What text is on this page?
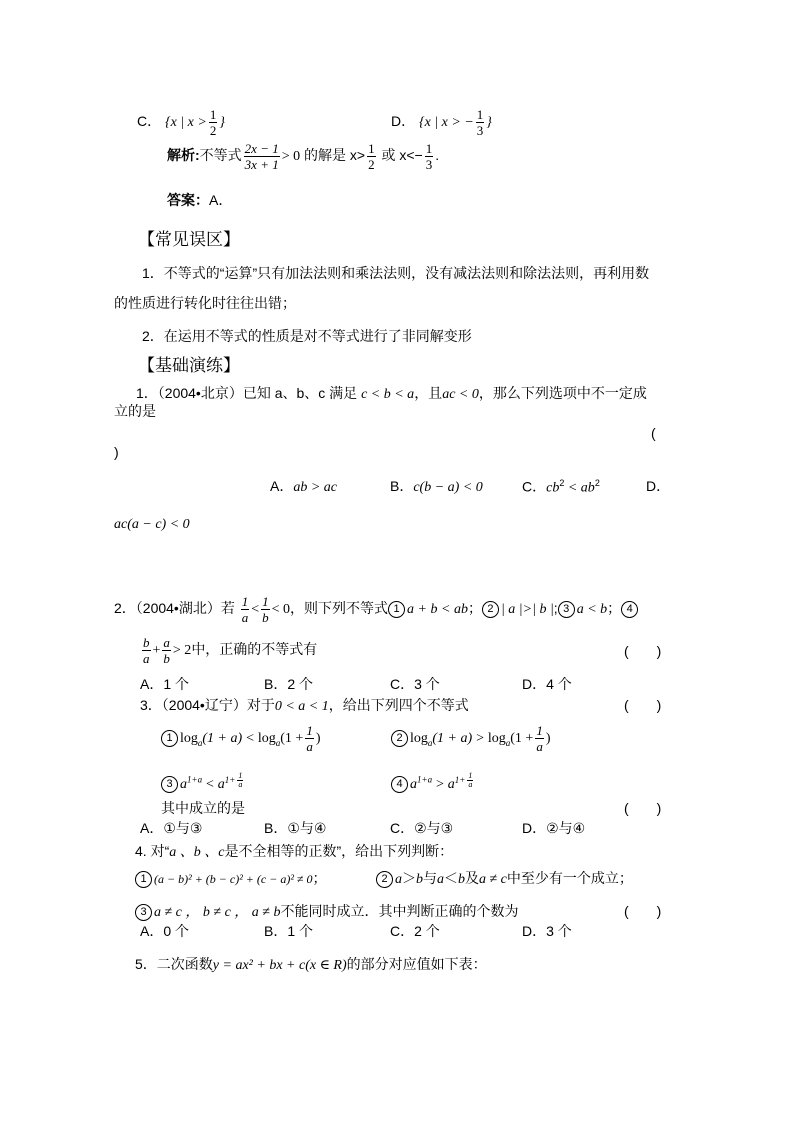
C． {x | $x > \frac{1}{2}$ }	D． {x | x > − $\frac{1}{3}$ }
解析:不等式 $\frac{2x - 1}{3x + 1} > 0$ 的解是 $x> \frac{1}{2}$ 或 $x<- \frac{1}{3}$ .
答案：A．
【常见误区】
1．不等式的“运算”只有加法法则和乘法法则，没有减法法则和除法法则，再利用数
的性质进行转化时往往出错；
2．在运用不等式的性质是对不等式进行了非同解变形
【基础演练】
1．（2004•北京）已知 a、b、c 满足 c < b < a，且ac < 0，那么下列选项中不一定成
立的是
(
)
A．ab > ac	B．c(b − a) < 0	C．$cb^2 < ab^2$	D．
ac(a − c) < 0
2．（2004•湖北）若 $\frac{1}{a} < \frac{1}{b} < 0$，则下列不等式 1 a + b < ab； 2 | a |>| b |; 3 a < b； 4
$\frac{b}{a} + \frac{a}{b} > 2$中，正确的不等式有	(　　)
A．1 个	B．2 个	C．3 个	D．4 个
3．（2004•辽宁）对于0 < a < 1，给出下列四个不等式	(　　)
1 $\log_a(1 + a) < \log_a(1 + \frac{1}{a}$ )	2 $\log_a(1 + a) > \log_a(1 + \frac{1}{a}$ )
3 $a^{1+a} < a^{1+ \frac{1}{a}}$	4 $a^{1+a} > a^{1+ \frac{1}{a}}$
其中成立的是	(　　)
A．①与③	B．①与④	C．②与③	D．②与④
4. 对“a 、b 、c是不全相等的正数”，给出下列判断：
1 (a − b)² + (b − c)² + (c − a)² ≠ 0；	2 a＞b与a＜b及a ≠ c中至少有一个成立；
3 a ≠ c ， b ≠ c ， a ≠ b不能同时成立．其中判断正确的个数为	(　　)
A．0 个	B．1 个	C．2 个	D．3 个
5．二次函数y = ax² + bx + c(x ∈ R)的部分对应值如下表：
